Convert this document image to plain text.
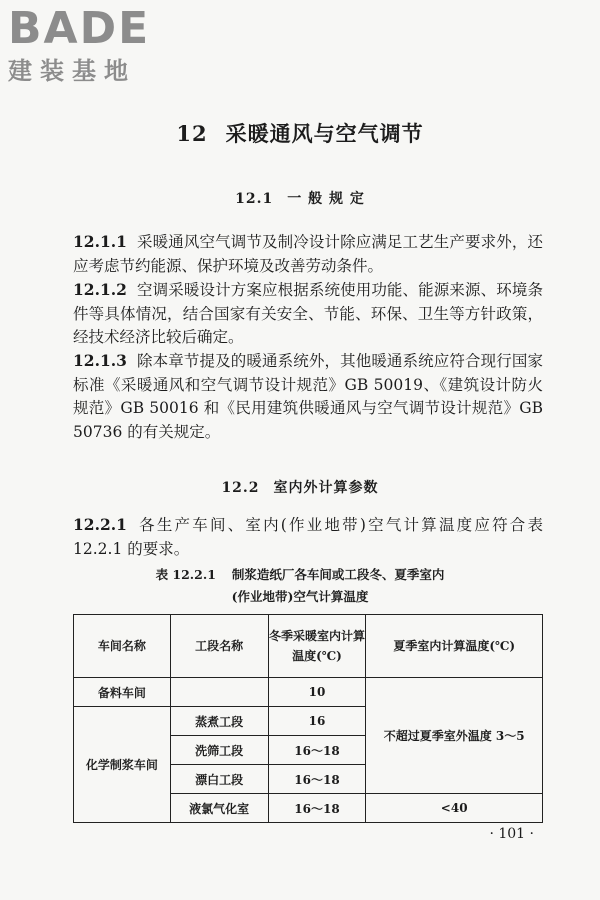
BADE
建装基地
12 采暖通风与空气调节
12.1 一 般 规 定
12.1.1 采暖通风空气调节及制冷设计除应满足工艺生产要求外，还应考虑节约能源、保护环境及改善劳动条件。
12.1.2 空调采暖设计方案应根据系统使用功能、能源来源、环境条件等具体情况，结合国家有关安全、节能、环保、卫生等方针政策，经技术经济比较后确定。
12.1.3 除本章节提及的暖通系统外，其他暖通系统应符合现行国家标准《采暖通风和空气调节设计规范》GB 50019、《建筑设计防火规范》GB 50016 和《民用建筑供暖通风与空气调节设计规范》GB 50736 的有关规定。
12.2 室内外计算参数
12.2.1 各生产车间、室内(作业地带)空气计算温度应符合表 12.2.1 的要求。
表 12.2.1 制浆造纸厂各车间或工段冬、夏季室内
(作业地带)空气计算温度
车间名称	工段名称	冬季采暖室内计算温度(℃)	夏季室内计算温度(℃)
备料车间		10	不超过夏季室外温度 3～5
化学制浆车间	蒸煮工段	16	
	洗筛工段	16～18	
	漂白工段	16～18	
	液氯气化室	16～18	<40
· 101 ·
